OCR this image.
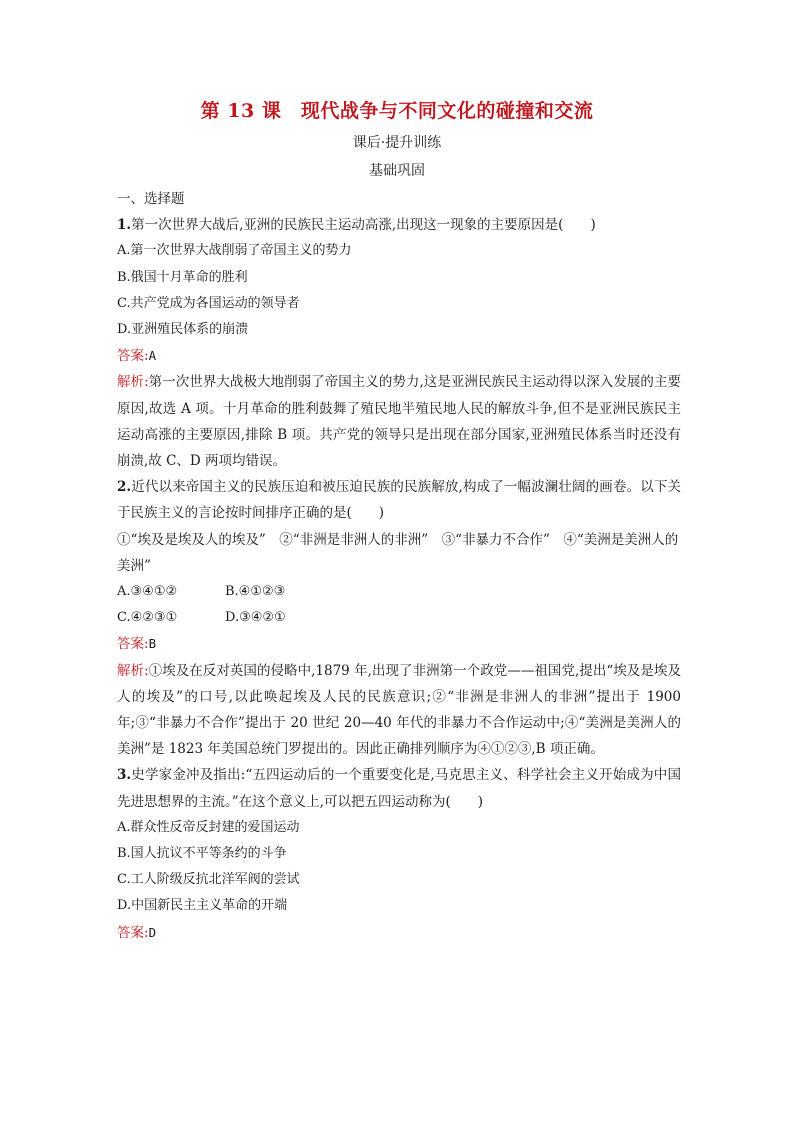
第 13 课　现代战争与不同文化的碰撞和交流
课后·提升训练
基础巩固

一、选择题

1.第一次世界大战后,亚洲的民族民主运动高涨,出现这一现象的主要原因是(　　)

A.第一次世界大战削弱了帝国主义的势力

B.俄国十月革命的胜利

C.共产党成为各国运动的领导者

D.亚洲殖民体系的崩溃

答案:A

解析:第一次世界大战极大地削弱了帝国主义的势力,这是亚洲民族民主运动得以深入发展的主要原因,故选 A 项。十月革命的胜利鼓舞了殖民地半殖民地人民的解放斗争,但不是亚洲民族民主运动高涨的主要原因,排除 B 项。共产党的领导只是出现在部分国家,亚洲殖民体系当时还没有崩溃,故 C、D 两项均错误。

2.近代以来帝国主义的民族压迫和被压迫民族的民族解放,构成了一幅波澜壮阔的画卷。以下关于民族主义的言论按时间排序正确的是(　　)

①“埃及是埃及人的埃及”　②“非洲是非洲人的非洲”　③“非暴力不合作”　④“美洲是美洲人的美洲”

A.③④①②	B.④①②③

C.④②③①	D.③④②①

答案:B

解析:①埃及在反对英国的侵略中,1879 年,出现了非洲第一个政党——祖国党,提出“埃及是埃及人的埃及”的口号,以此唤起埃及人民的民族意识;②“非洲是非洲人的非洲”提出于 1900 年;③“非暴力不合作”提出于 20 世纪 20—40 年代的非暴力不合作运动中;④“美洲是美洲人的美洲”是 1823 年美国总统门罗提出的。因此正确排列顺序为④①②③,B 项正确。

3.史学家金冲及指出:“五四运动后的一个重要变化是,马克思主义、科学社会主义开始成为中国先进思想界的主流。”在这个意义上,可以把五四运动称为(　　)

A.群众性反帝反封建的爱国运动

B.国人抗议不平等条约的斗争

C.工人阶级反抗北洋军阀的尝试

D.中国新民主主义革命的开端

答案:D
